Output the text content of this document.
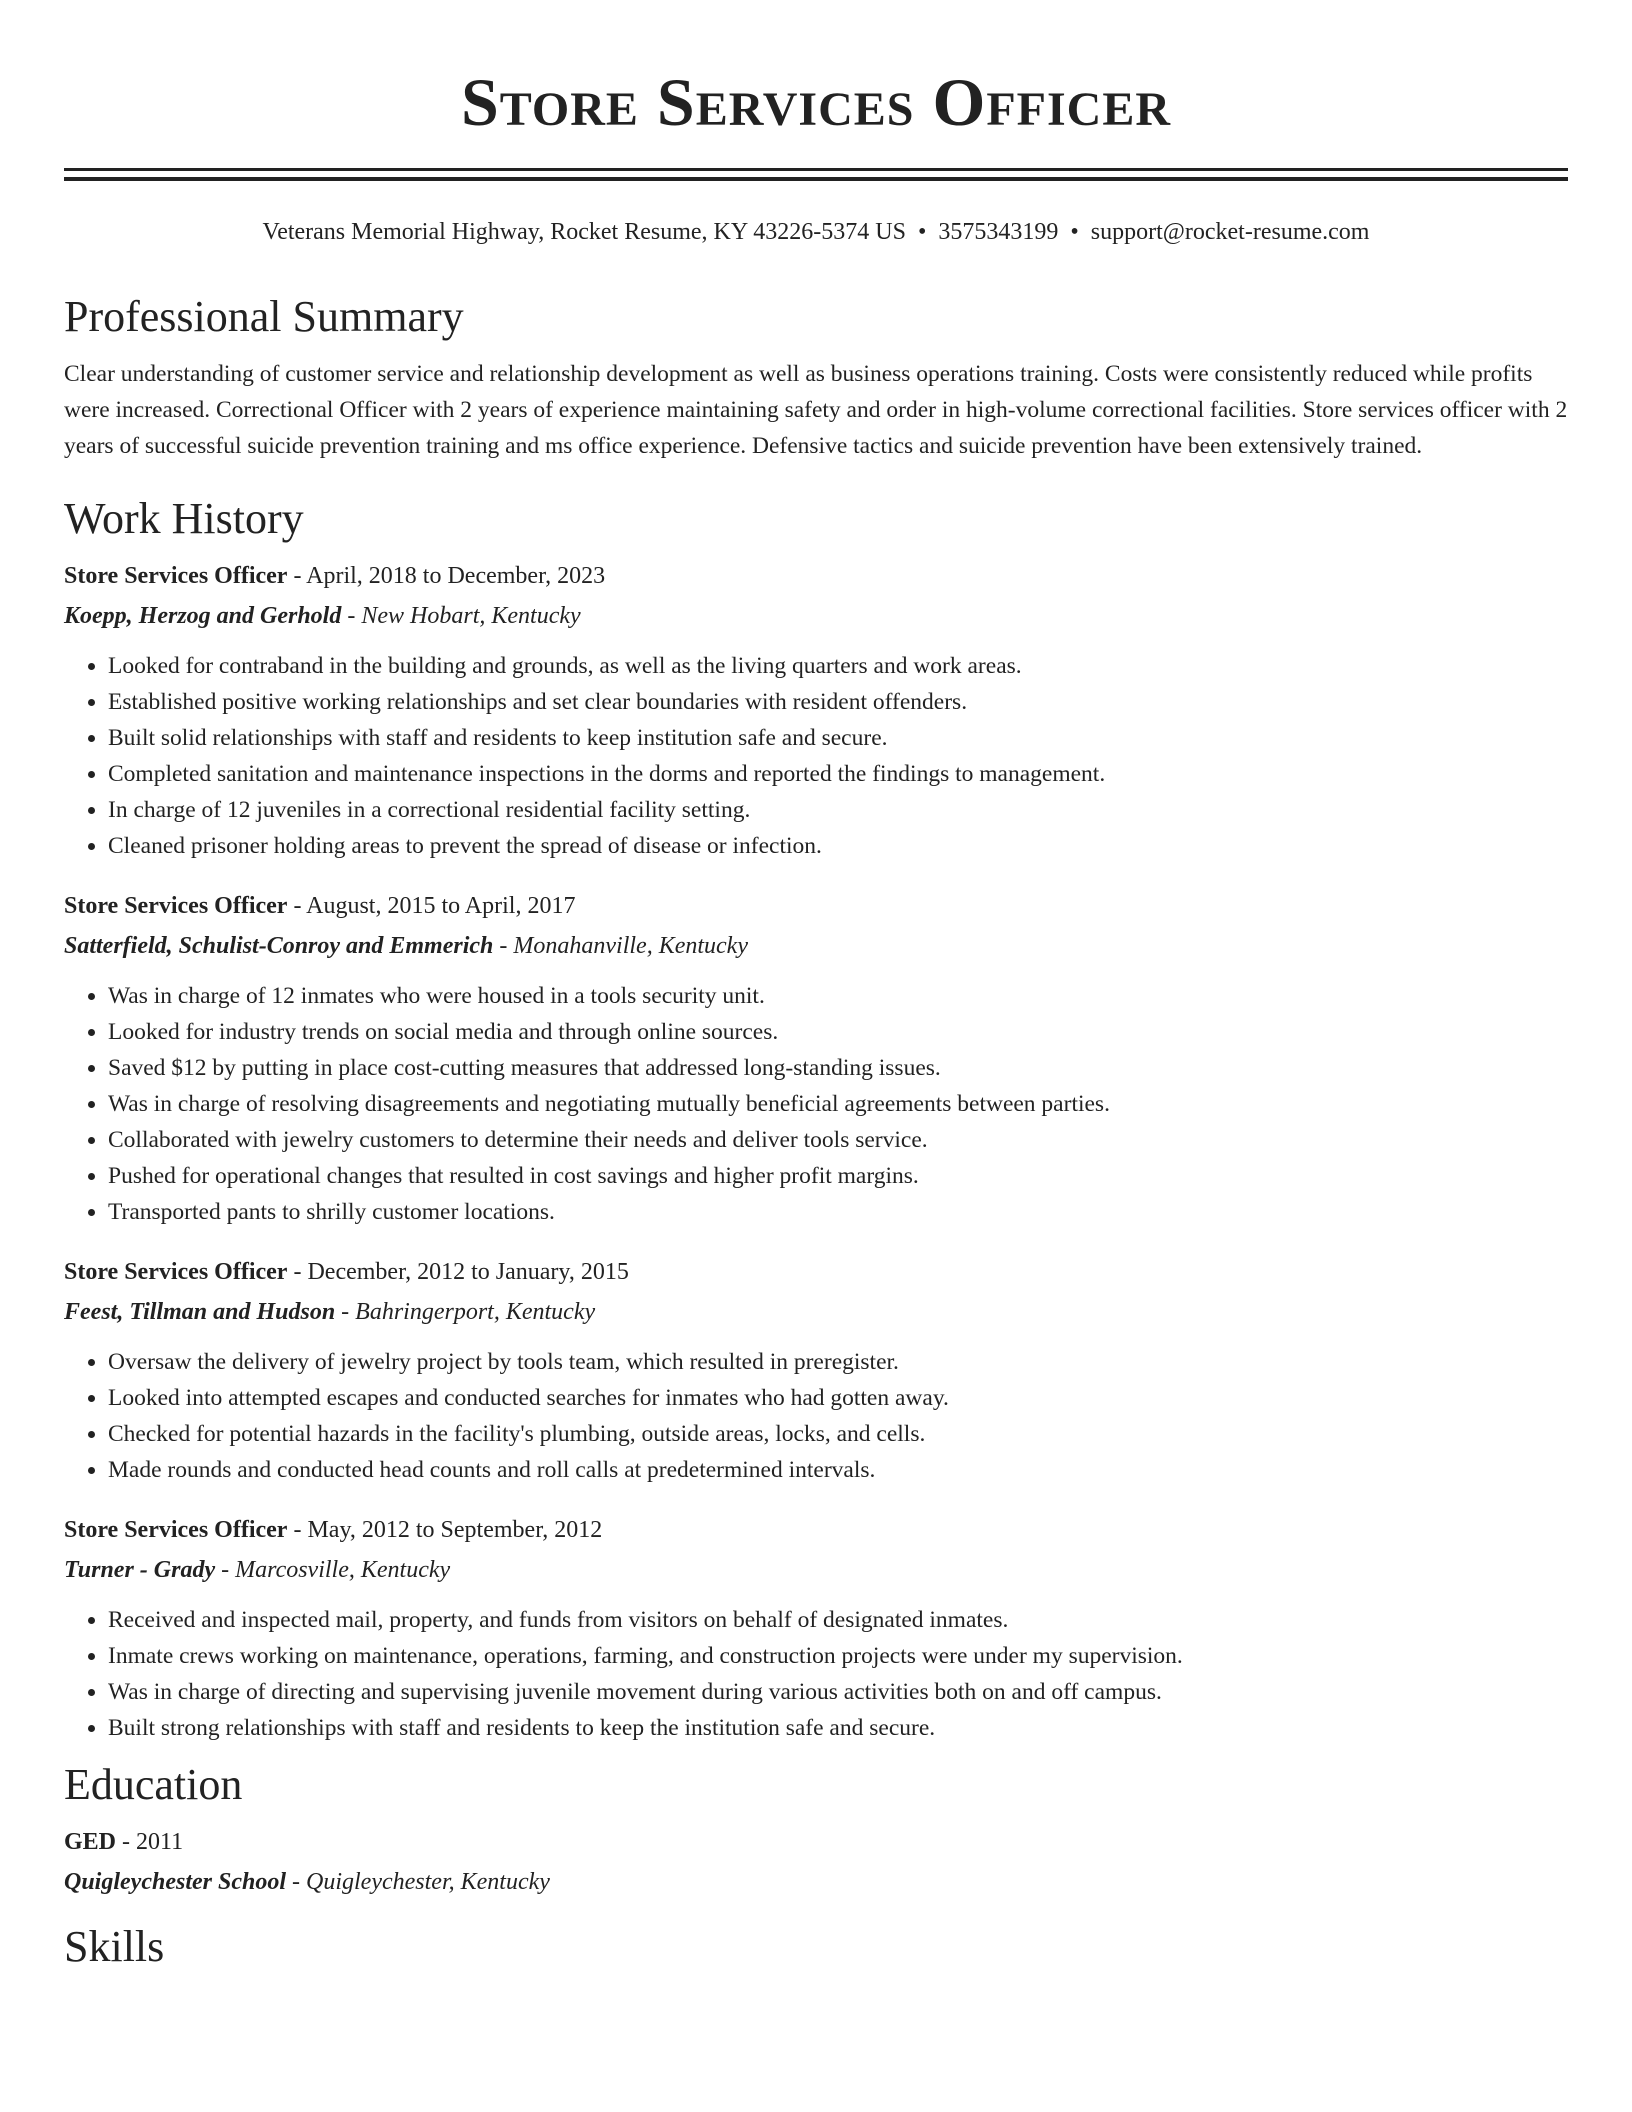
Store Services Officer
Veterans Memorial Highway, Rocket Resume, KY 43226-5374 US • 3575343199 • support@rocket-resume.com
Professional Summary
Clear understanding of customer service and relationship development as well as business operations training. Costs were consistently reduced while profits were increased. Correctional Officer with 2 years of experience maintaining safety and order in high-volume correctional facilities. Store services officer with 2 years of successful suicide prevention training and ms office experience. Defensive tactics and suicide prevention have been extensively trained.
Work History
Store Services Officer - April, 2018 to December, 2023
Koepp, Herzog and Gerhold - New Hobart, Kentucky
• Looked for contraband in the building and grounds, as well as the living quarters and work areas.
• Established positive working relationships and set clear boundaries with resident offenders.
• Built solid relationships with staff and residents to keep institution safe and secure.
• Completed sanitation and maintenance inspections in the dorms and reported the findings to management.
• In charge of 12 juveniles in a correctional residential facility setting.
• Cleaned prisoner holding areas to prevent the spread of disease or infection.
Store Services Officer - August, 2015 to April, 2017
Satterfield, Schulist-Conroy and Emmerich - Monahanville, Kentucky
• Was in charge of 12 inmates who were housed in a tools security unit.
• Looked for industry trends on social media and through online sources.
• Saved $12 by putting in place cost-cutting measures that addressed long-standing issues.
• Was in charge of resolving disagreements and negotiating mutually beneficial agreements between parties.
• Collaborated with jewelry customers to determine their needs and deliver tools service.
• Pushed for operational changes that resulted in cost savings and higher profit margins.
• Transported pants to shrilly customer locations.
Store Services Officer - December, 2012 to January, 2015
Feest, Tillman and Hudson - Bahringerport, Kentucky
• Oversaw the delivery of jewelry project by tools team, which resulted in preregister.
• Looked into attempted escapes and conducted searches for inmates who had gotten away.
• Checked for potential hazards in the facility's plumbing, outside areas, locks, and cells.
• Made rounds and conducted head counts and roll calls at predetermined intervals.
Store Services Officer - May, 2012 to September, 2012
Turner - Grady - Marcosville, Kentucky
• Received and inspected mail, property, and funds from visitors on behalf of designated inmates.
• Inmate crews working on maintenance, operations, farming, and construction projects were under my supervision.
• Was in charge of directing and supervising juvenile movement during various activities both on and off campus.
• Built strong relationships with staff and residents to keep the institution safe and secure.
Education
GED - 2011
Quigleychester School - Quigleychester, Kentucky
Skills
